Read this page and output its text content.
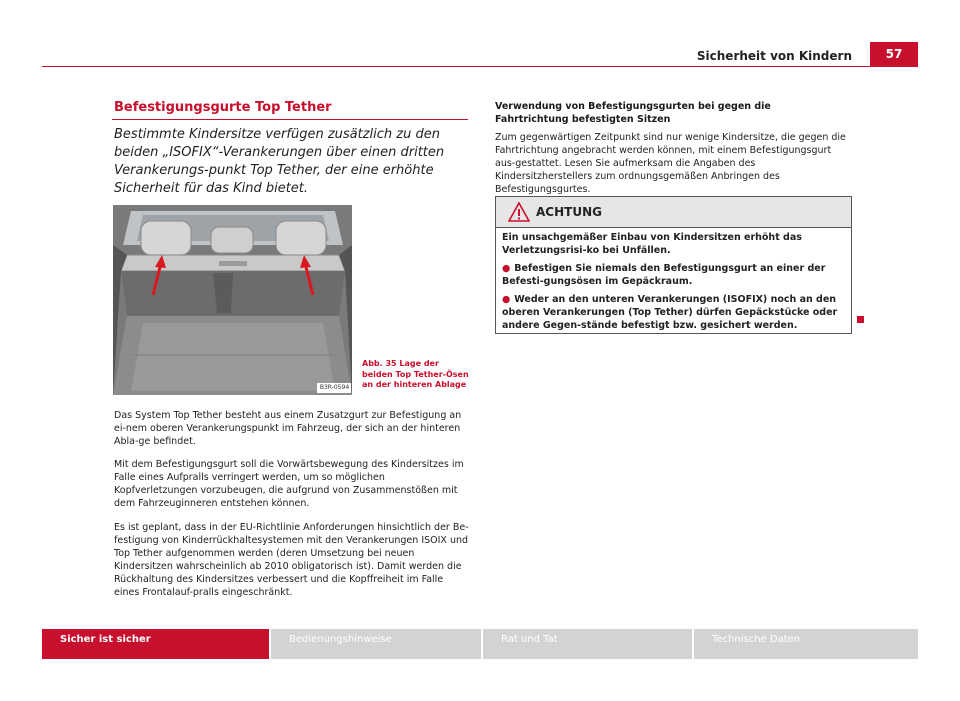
Sicherheit von Kindern	57
Befestigungsgurte Top Tether
Bestimmte Kindersitze verfügen zusätzlich zu den beiden „ISOFIX“-Verankerungen über einen dritten Verankerungs-punkt Top Tether, der eine erhöhte Sicherheit für das Kind bietet.
B3R-0594
Abb. 35 Lage der beiden Top Tether-Ösen an der hinteren Ablage
Das System Top Tether besteht aus einem Zusatzgurt zur Befestigung an ei-nem oberen Verankerungspunkt im Fahrzeug, der sich an der hinteren Abla-ge befindet.
Mit dem Befestigungsgurt soll die Vorwärtsbewegung des Kindersitzes im Falle eines Aufpralls verringert werden, um so möglichen Kopfverletzungen vorzubeugen, die aufgrund von Zusammenstößen mit dem Fahrzeuginneren entstehen können.
Es ist geplant, dass in der EU-Richtlinie Anforderungen hinsichtlich der Be-festigung von Kinderrückhaltesystemen mit den Verankerungen ISOIX und Top Tether aufgenommen werden (deren Umsetzung bei neuen Kindersitzen wahrscheinlich ab 2010 obligatorisch ist). Damit werden die Rückhaltung des Kindersitzes verbessert und die Kopffreiheit im Falle eines Frontalauf-pralls eingeschränkt.
Verwendung von Befestigungsgurten bei gegen die Fahrtrichtung befestigten Sitzen
Zum gegenwärtigen Zeitpunkt sind nur wenige Kindersitze, die gegen die Fahrtrichtung angebracht werden können, mit einem Befestigungsgurt aus-gestattet. Lesen Sie aufmerksam die Angaben des Kindersitzherstellers zum ordnungsgemäßen Anbringen des Befestigungsgurtes.
ACHTUNG

Ein unsachgemäßer Einbau von Kindersitzen erhöht das Verletzungsrisi-ko bei Unfällen.

● Befestigen Sie niemals den Befestigungsgurt an einer der Befesti-gungsösen im Gepäckraum.

● Weder an den unteren Verankerungen (ISOFIX) noch an den oberen Verankerungen (Top Tether) dürfen Gepäckstücke oder andere Gegen-stände befestigt bzw. gesichert werden.

Sicher ist sicher	Bedienungshinweise	Rat und Tat	Technische Daten
